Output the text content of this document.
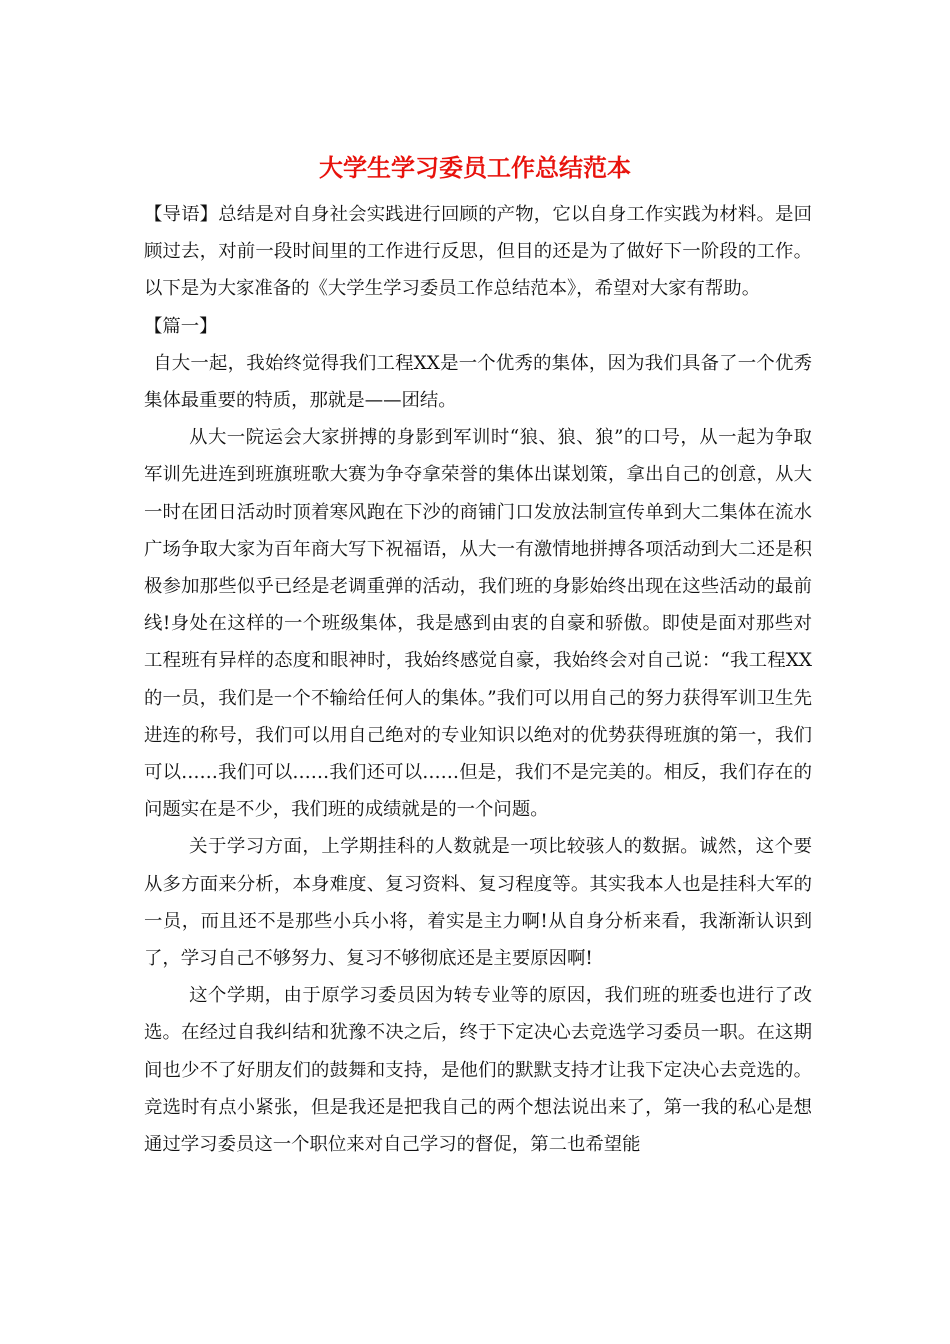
大学生学习委员工作总结范本

【导语】总结是对自身社会实践进行回顾的产物，它以自身工作实践为材料。是回顾过去，对前一段时间里的工作进行反思，但目的还是为了做好下一阶段的工作。以下是为大家准备的《大学生学习委员工作总结范本》，希望对大家有帮助。

【篇一】

自大一起，我始终觉得我们工程XX是一个优秀的集体，因为我们具备了一个优秀集体最重要的特质，那就是——团结。

从大一院运会大家拼搏的身影到军训时“狼、狼、狼”的口号，从一起为争取军训先进连到班旗班歌大赛为争夺拿荣誉的集体出谋划策，拿出自己的创意，从大一时在团日活动时顶着寒风跑在下沙的商铺门口发放法制宣传单到大二集体在流水广场争取大家为百年商大写下祝福语，从大一有激情地拼搏各项活动到大二还是积极参加那些似乎已经是老调重弹的活动，我们班的身影始终出现在这些活动的最前线!身处在这样的一个班级集体，我是感到由衷的自豪和骄傲。即使是面对那些对工程班有异样的态度和眼神时，我始终感觉自豪，我始终会对自己说：“我工程XX的一员，我们是一个不输给任何人的集体。”我们可以用自己的努力获得军训卫生先进连的称号，我们可以用自己绝对的专业知识以绝对的优势获得班旗的第一，我们可以……我们可以……我们还可以……但是，我们不是完美的。相反，我们存在的问题实在是不少，我们班的成绩就是的一个问题。

关于学习方面，上学期挂科的人数就是一项比较骇人的数据。诚然，这个要从多方面来分析，本身难度、复习资料、复习程度等。其实我本人也是挂科大军的一员，而且还不是那些小兵小将，着实是主力啊!从自身分析来看，我渐渐认识到了，学习自己不够努力、复习不够彻底还是主要原因啊!

这个学期，由于原学习委员因为转专业等的原因，我们班的班委也进行了改选。在经过自我纠结和犹豫不决之后，终于下定决心去竞选学习委员一职。在这期间也少不了好朋友们的鼓舞和支持，是他们的默默支持才让我下定决心去竞选的。竞选时有点小紧张，但是我还是把我自己的两个想法说出来了，第一我的私心是想通过学习委员这一个职位来对自己学习的督促，第二也希望能
